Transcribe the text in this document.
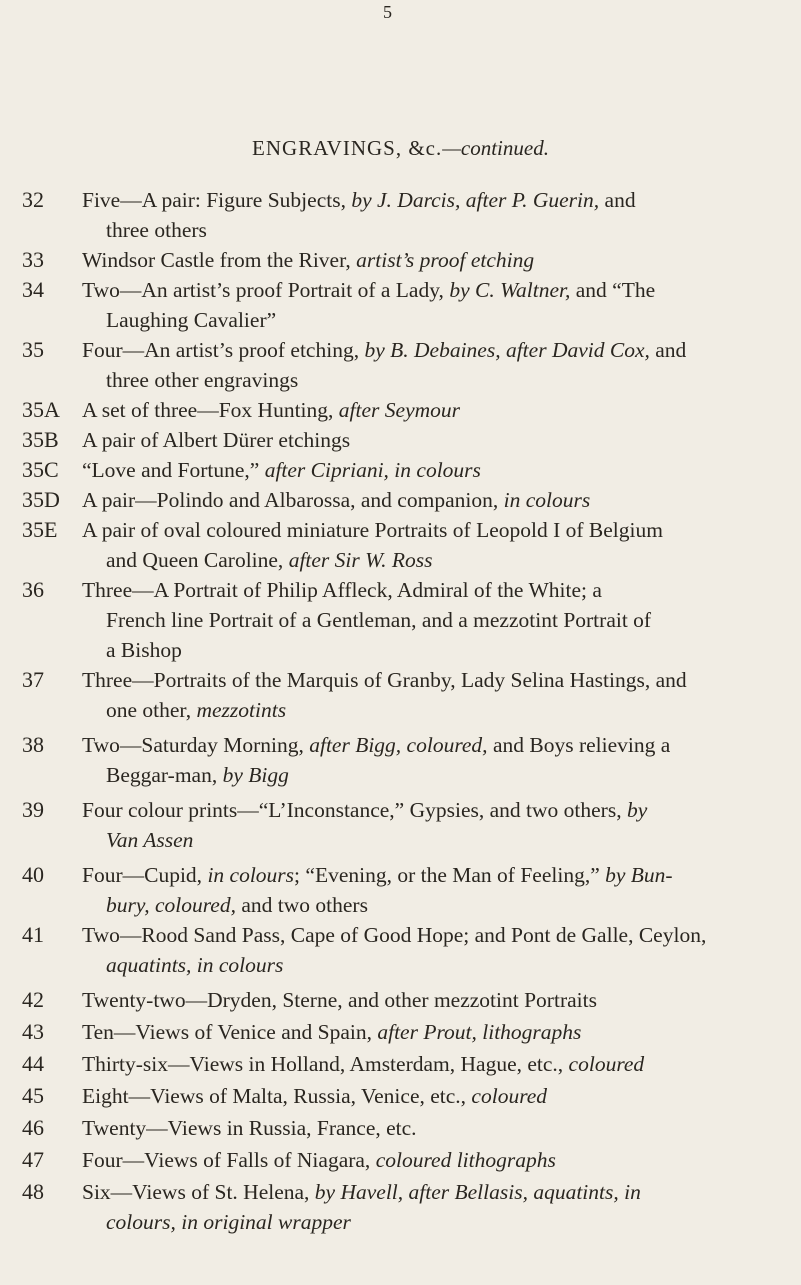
5
ENGRAVINGS, &c.—continued.
32 Five—A pair: Figure Subjects, by J. Darcis, after P. Guerin, and
three others
33 Windsor Castle from the River, artist’s proof etching
34 Two—An artist’s proof Portrait of a Lady, by C. Waltner, and “The
Laughing Cavalier”
35 Four—An artist’s proof etching, by B. Debaines, after David Cox, and
three other engravings
35A A set of three—Fox Hunting, after Seymour
35B A pair of Albert Dürer etchings
35C “Love and Fortune,” after Cipriani, in colours
35D A pair—Polindo and Albarossa, and companion, in colours
35E A pair of oval coloured miniature Portraits of Leopold I of Belgium
and Queen Caroline, after Sir W. Ross
36 Three—A Portrait of Philip Affleck, Admiral of the White; a
French line Portrait of a Gentleman, and a mezzotint Portrait of
a Bishop
37 Three—Portraits of the Marquis of Granby, Lady Selina Hastings, and
one other, mezzotints
38 Two—Saturday Morning, after Bigg, coloured, and Boys relieving a
Beggar-man, by Bigg
39 Four colour prints—“L’Inconstance,” Gypsies, and two others, by
Van Assen
40 Four—Cupid, in colours; “Evening, or the Man of Feeling,” by Bun-
bury, coloured, and two others
41 Two—Rood Sand Pass, Cape of Good Hope; and Pont de Galle, Ceylon,
aquatints, in colours
42 Twenty-two—Dryden, Sterne, and other mezzotint Portraits
43 Ten—Views of Venice and Spain, after Prout, lithographs
44 Thirty-six—Views in Holland, Amsterdam, Hague, etc., coloured
45 Eight—Views of Malta, Russia, Venice, etc., coloured
46 Twenty—Views in Russia, France, etc.
47 Four—Views of Falls of Niagara, coloured lithographs
48 Six—Views of St. Helena, by Havell, after Bellasis, aquatints, in
colours, in original wrapper
